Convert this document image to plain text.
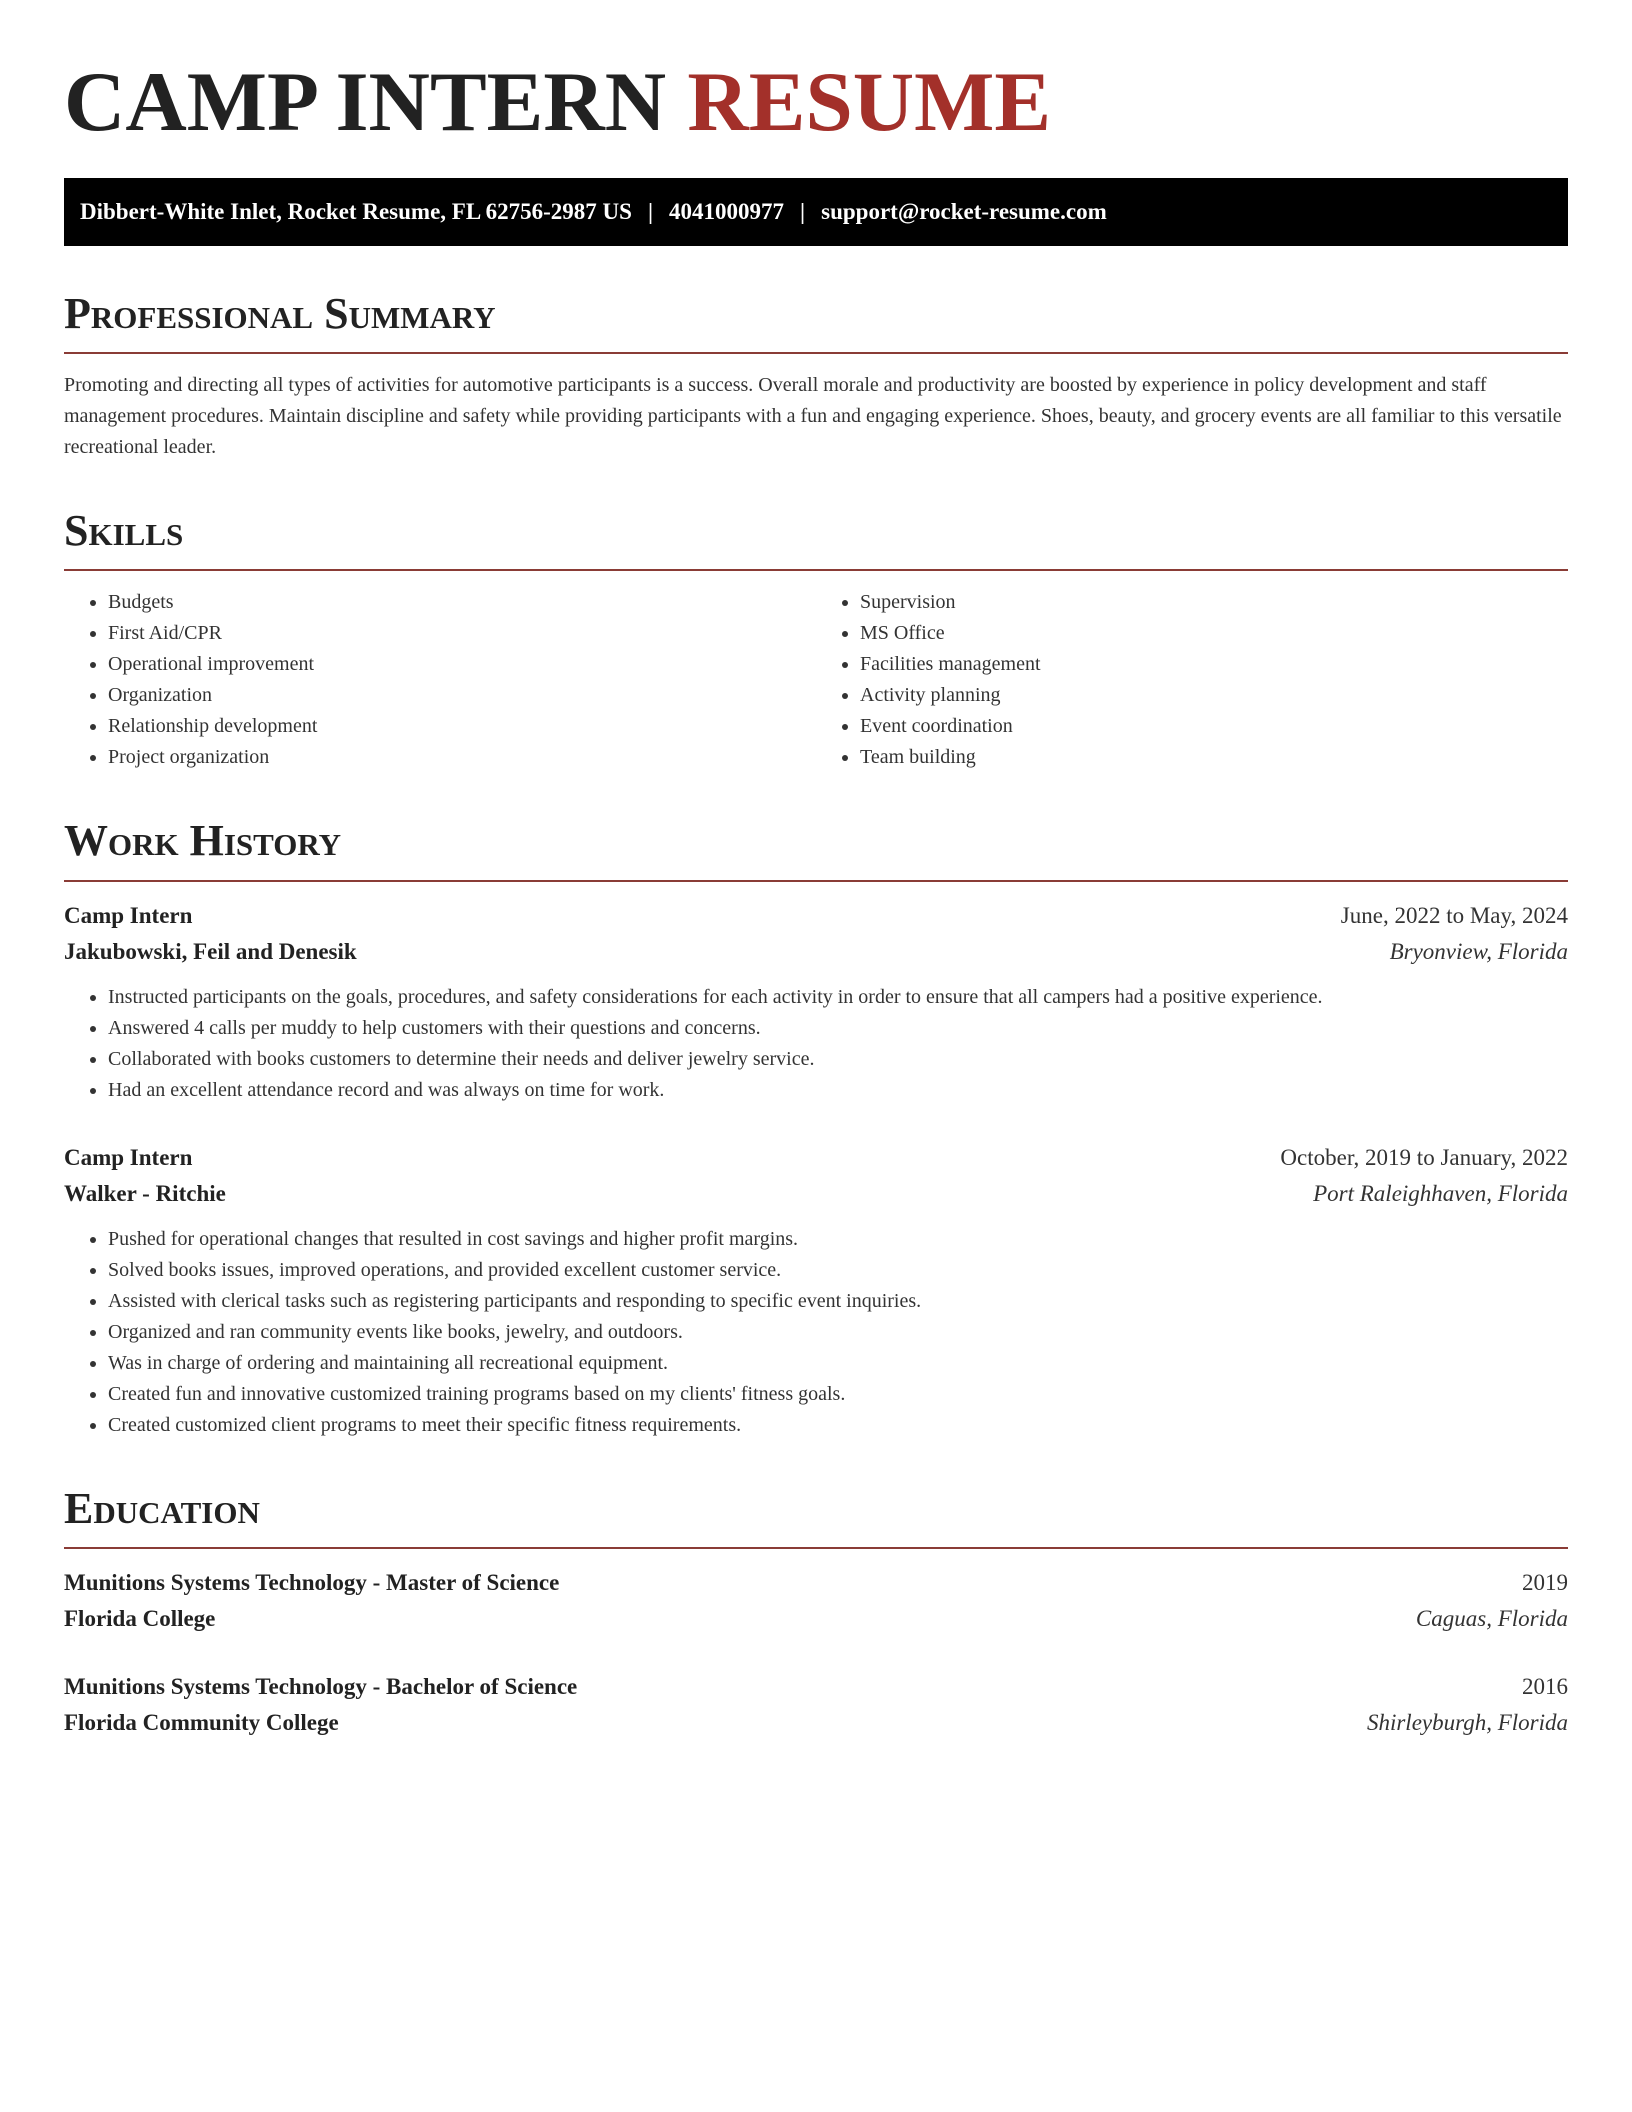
CAMP INTERN RESUME
Dibbert-White Inlet, Rocket Resume, FL 62756-2987 US | 4041000977 | support@rocket-resume.com
Professional Summary

Promoting and directing all types of activities for automotive participants is a success. Overall morale and productivity are boosted by experience in policy development and staff management procedures. Maintain discipline and safety while providing participants with a fun and engaging experience. Shoes, beauty, and grocery events are all familiar to this versatile recreational leader.

Skills
• Budgets
• First Aid/CPR
• Operational improvement
• Organization
• Relationship development
• Project organization
• Supervision
• MS Office
• Facilities management
• Activity planning
• Event coordination
• Team building
Work History
Camp Intern	June, 2022 to May, 2024
Jakubowski, Feil and Denesik	Bryonview, Florida
• Instructed participants on the goals, procedures, and safety considerations for each activity in order to ensure that all campers had a positive experience.
• Answered 4 calls per muddy to help customers with their questions and concerns.
• Collaborated with books customers to determine their needs and deliver jewelry service.
• Had an excellent attendance record and was always on time for work.
Camp Intern	October, 2019 to January, 2022
Walker - Ritchie	Port Raleighhaven, Florida
• Pushed for operational changes that resulted in cost savings and higher profit margins.
• Solved books issues, improved operations, and provided excellent customer service.
• Assisted with clerical tasks such as registering participants and responding to specific event inquiries.
• Organized and ran community events like books, jewelry, and outdoors.
• Was in charge of ordering and maintaining all recreational equipment.
• Created fun and innovative customized training programs based on my clients' fitness goals.
• Created customized client programs to meet their specific fitness requirements.
Education
Munitions Systems Technology - Master of Science	2019
Florida College	Caguas, Florida
Munitions Systems Technology - Bachelor of Science	2016
Florida Community College	Shirleyburgh, Florida
